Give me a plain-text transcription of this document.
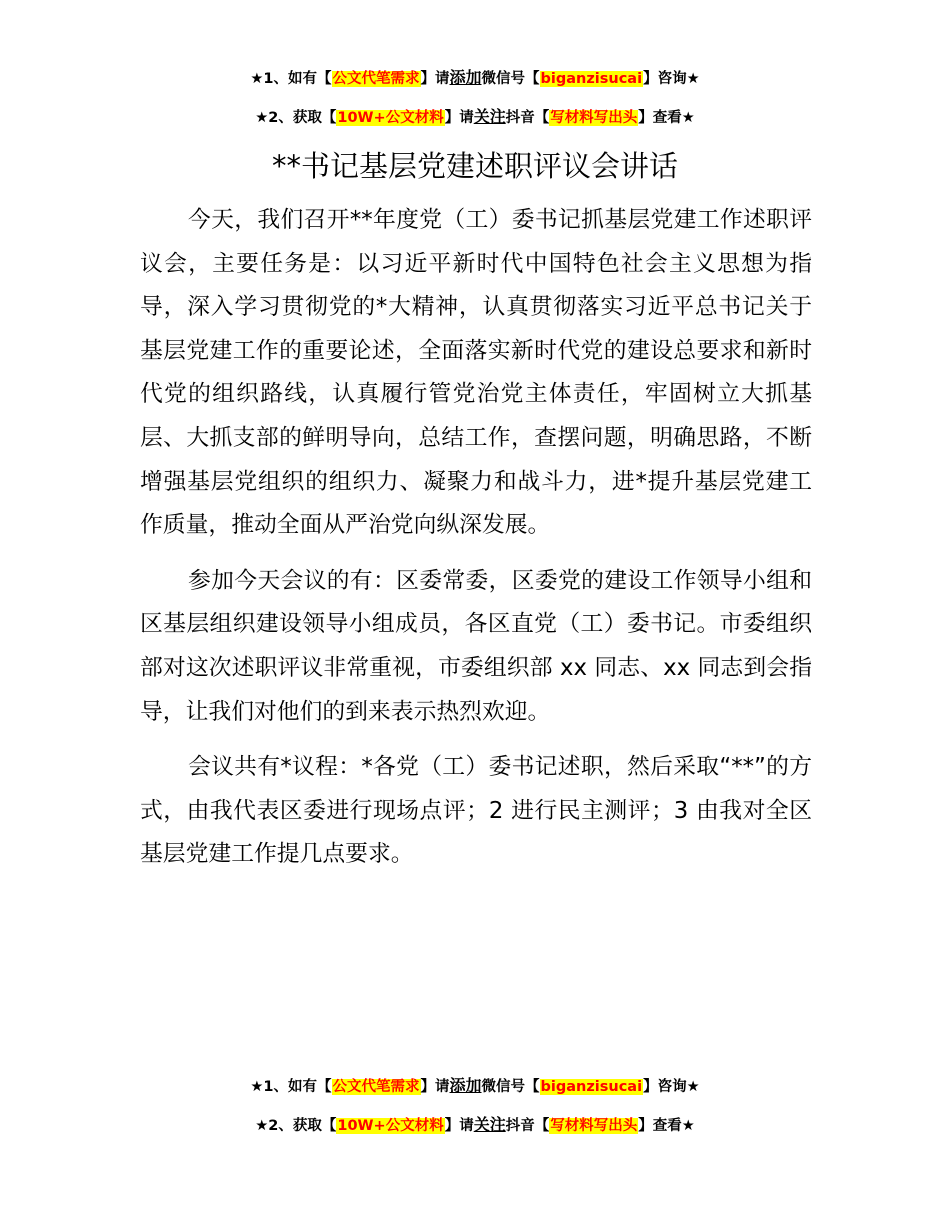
★1、如有【公文代笔需求】请添加微信号【biganzisucai】咨询★
★2、获取【10W+公文材料】请关注抖音【写材料写出头】查看★
**书记基层党建述职评议会讲话

今天，我们召开**年度党（工）委书记抓基层党建工作述职评议会，主要任务是：以习近平新时代中国特色社会主义思想为指导，深入学习贯彻党的*大精神，认真贯彻落实习近平总书记关于基层党建工作的重要论述，全面落实新时代党的建设总要求和新时代党的组织路线，认真履行管党治党主体责任，牢固树立大抓基层、大抓支部的鲜明导向，总结工作，查摆问题，明确思路，不断增强基层党组织的组织力、凝聚力和战斗力，进*提升基层党建工作质量，推动全面从严治党向纵深发展。

参加今天会议的有：区委常委，区委党的建设工作领导小组和区基层组织建设领导小组成员，各区直党（工）委书记。市委组织部对这次述职评议非常重视，市委组织部 xx 同志、xx 同志到会指导，让我们对他们的到来表示热烈欢迎。

会议共有*议程：*各党（工）委书记述职，然后采取“**”的方式，由我代表区委进行现场点评；2 进行民主测评；3 由我对全区基层党建工作提几点要求。

★1、如有【公文代笔需求】请添加微信号【biganzisucai】咨询★
★2、获取【10W+公文材料】请关注抖音【写材料写出头】查看★
